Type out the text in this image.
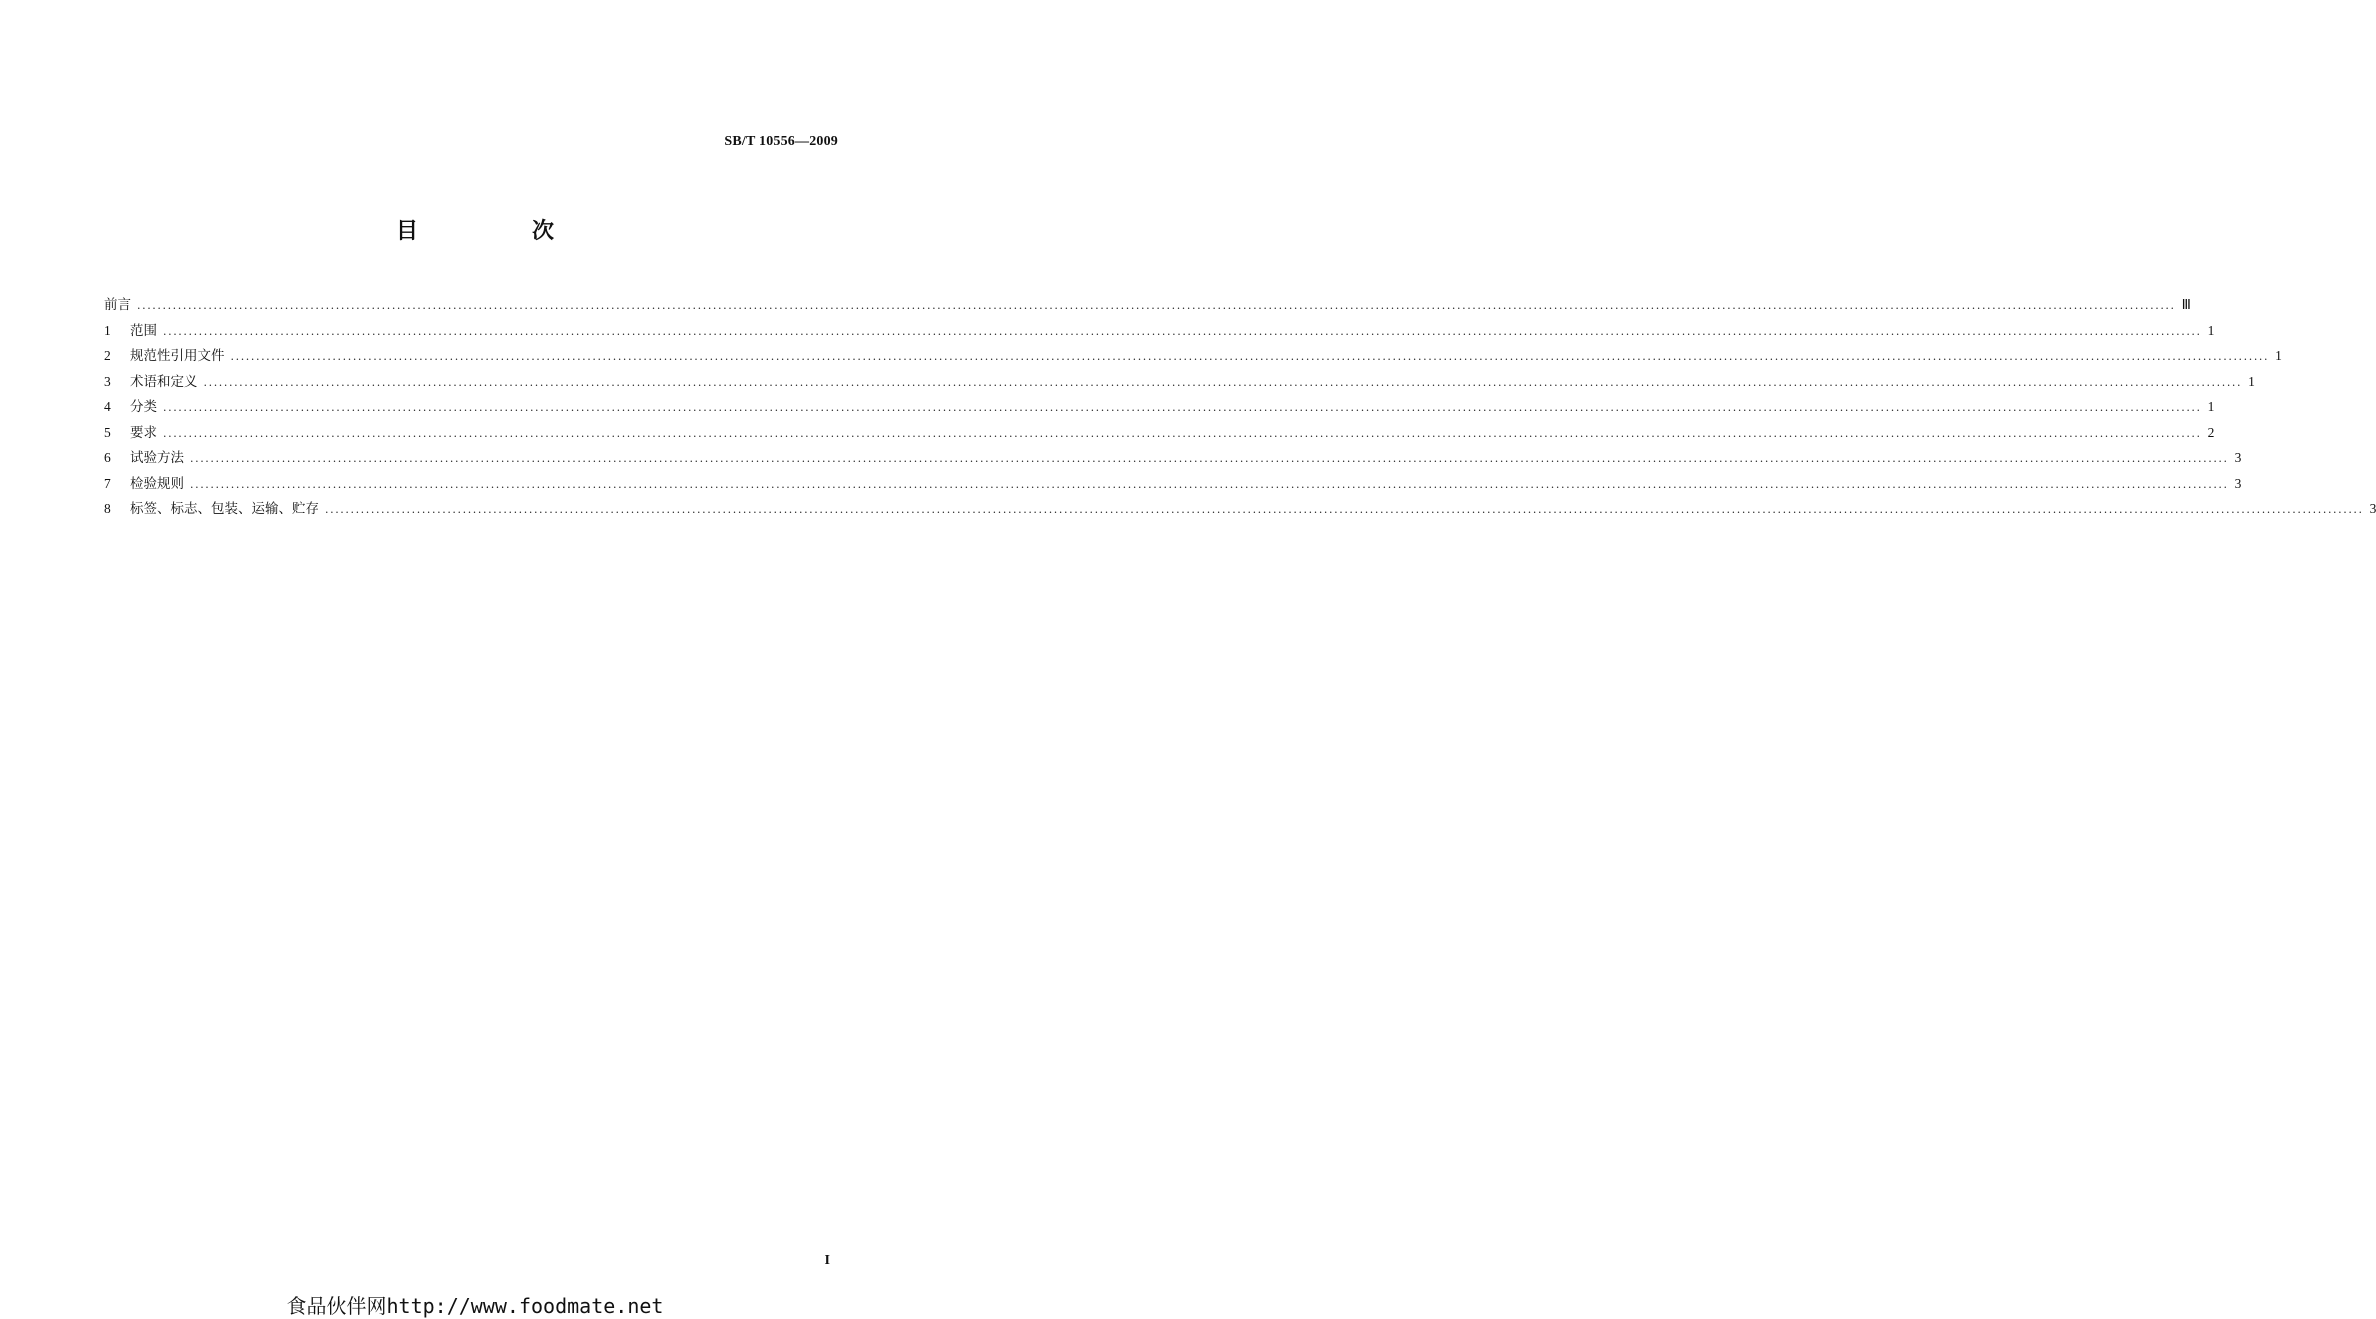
SB/T 10556—2009
目　次
前言 ................................................................................................................................................................................................................................................................................................................................................................................................................ Ⅲ
1	范围 ................................................................................................................................................................................................................................................................................................................................................................................................................ 1
2	规范性引用文件 ................................................................................................................................................................................................................................................................................................................................................................................................................ 1
3	术语和定义 ................................................................................................................................................................................................................................................................................................................................................................................................................ 1
4	分类 ................................................................................................................................................................................................................................................................................................................................................................................................................ 1
5	要求 ................................................................................................................................................................................................................................................................................................................................................................................................................ 2
6	试验方法 ................................................................................................................................................................................................................................................................................................................................................................................................................ 3
7	检验规则 ................................................................................................................................................................................................................................................................................................................................................................................................................ 3
8	标签、标志、包装、运输、贮存 ................................................................................................................................................................................................................................................................................................................................................................................................................ 3
I
食品伙伴网http://www.foodmate.net
